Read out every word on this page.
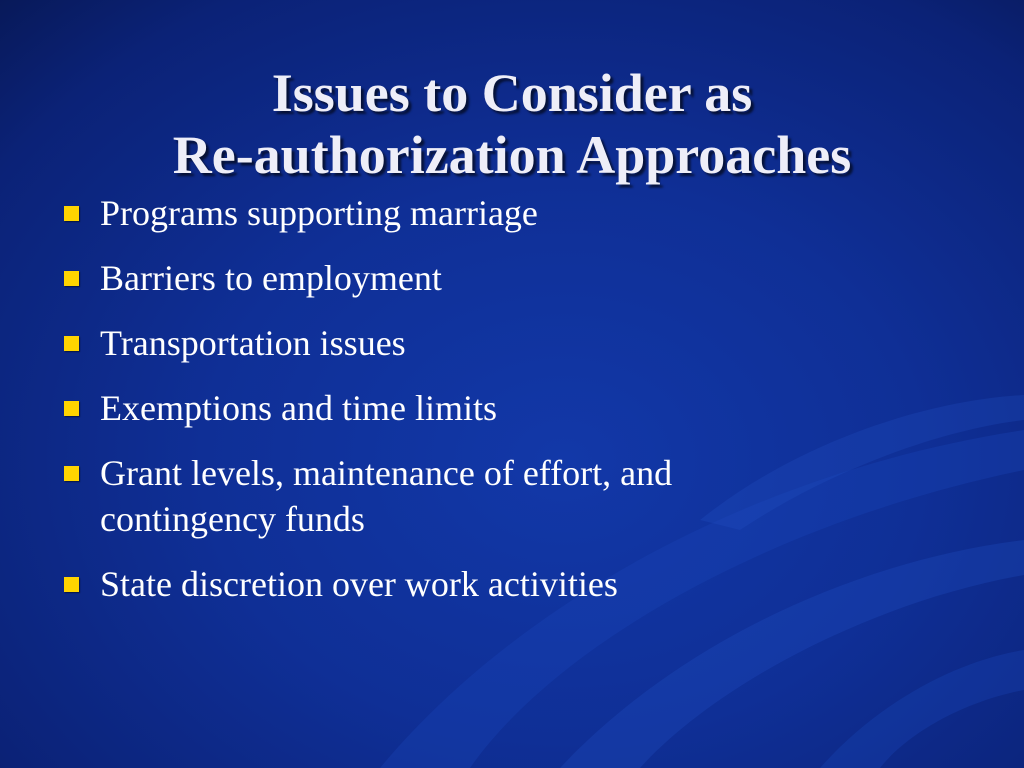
Issues to Consider as
Re-authorization Approaches
Programs supporting marriage
Barriers to employment
Transportation issues
Exemptions and time limits
Grant levels, maintenance of effort, and contingency funds
State discretion over work activities
